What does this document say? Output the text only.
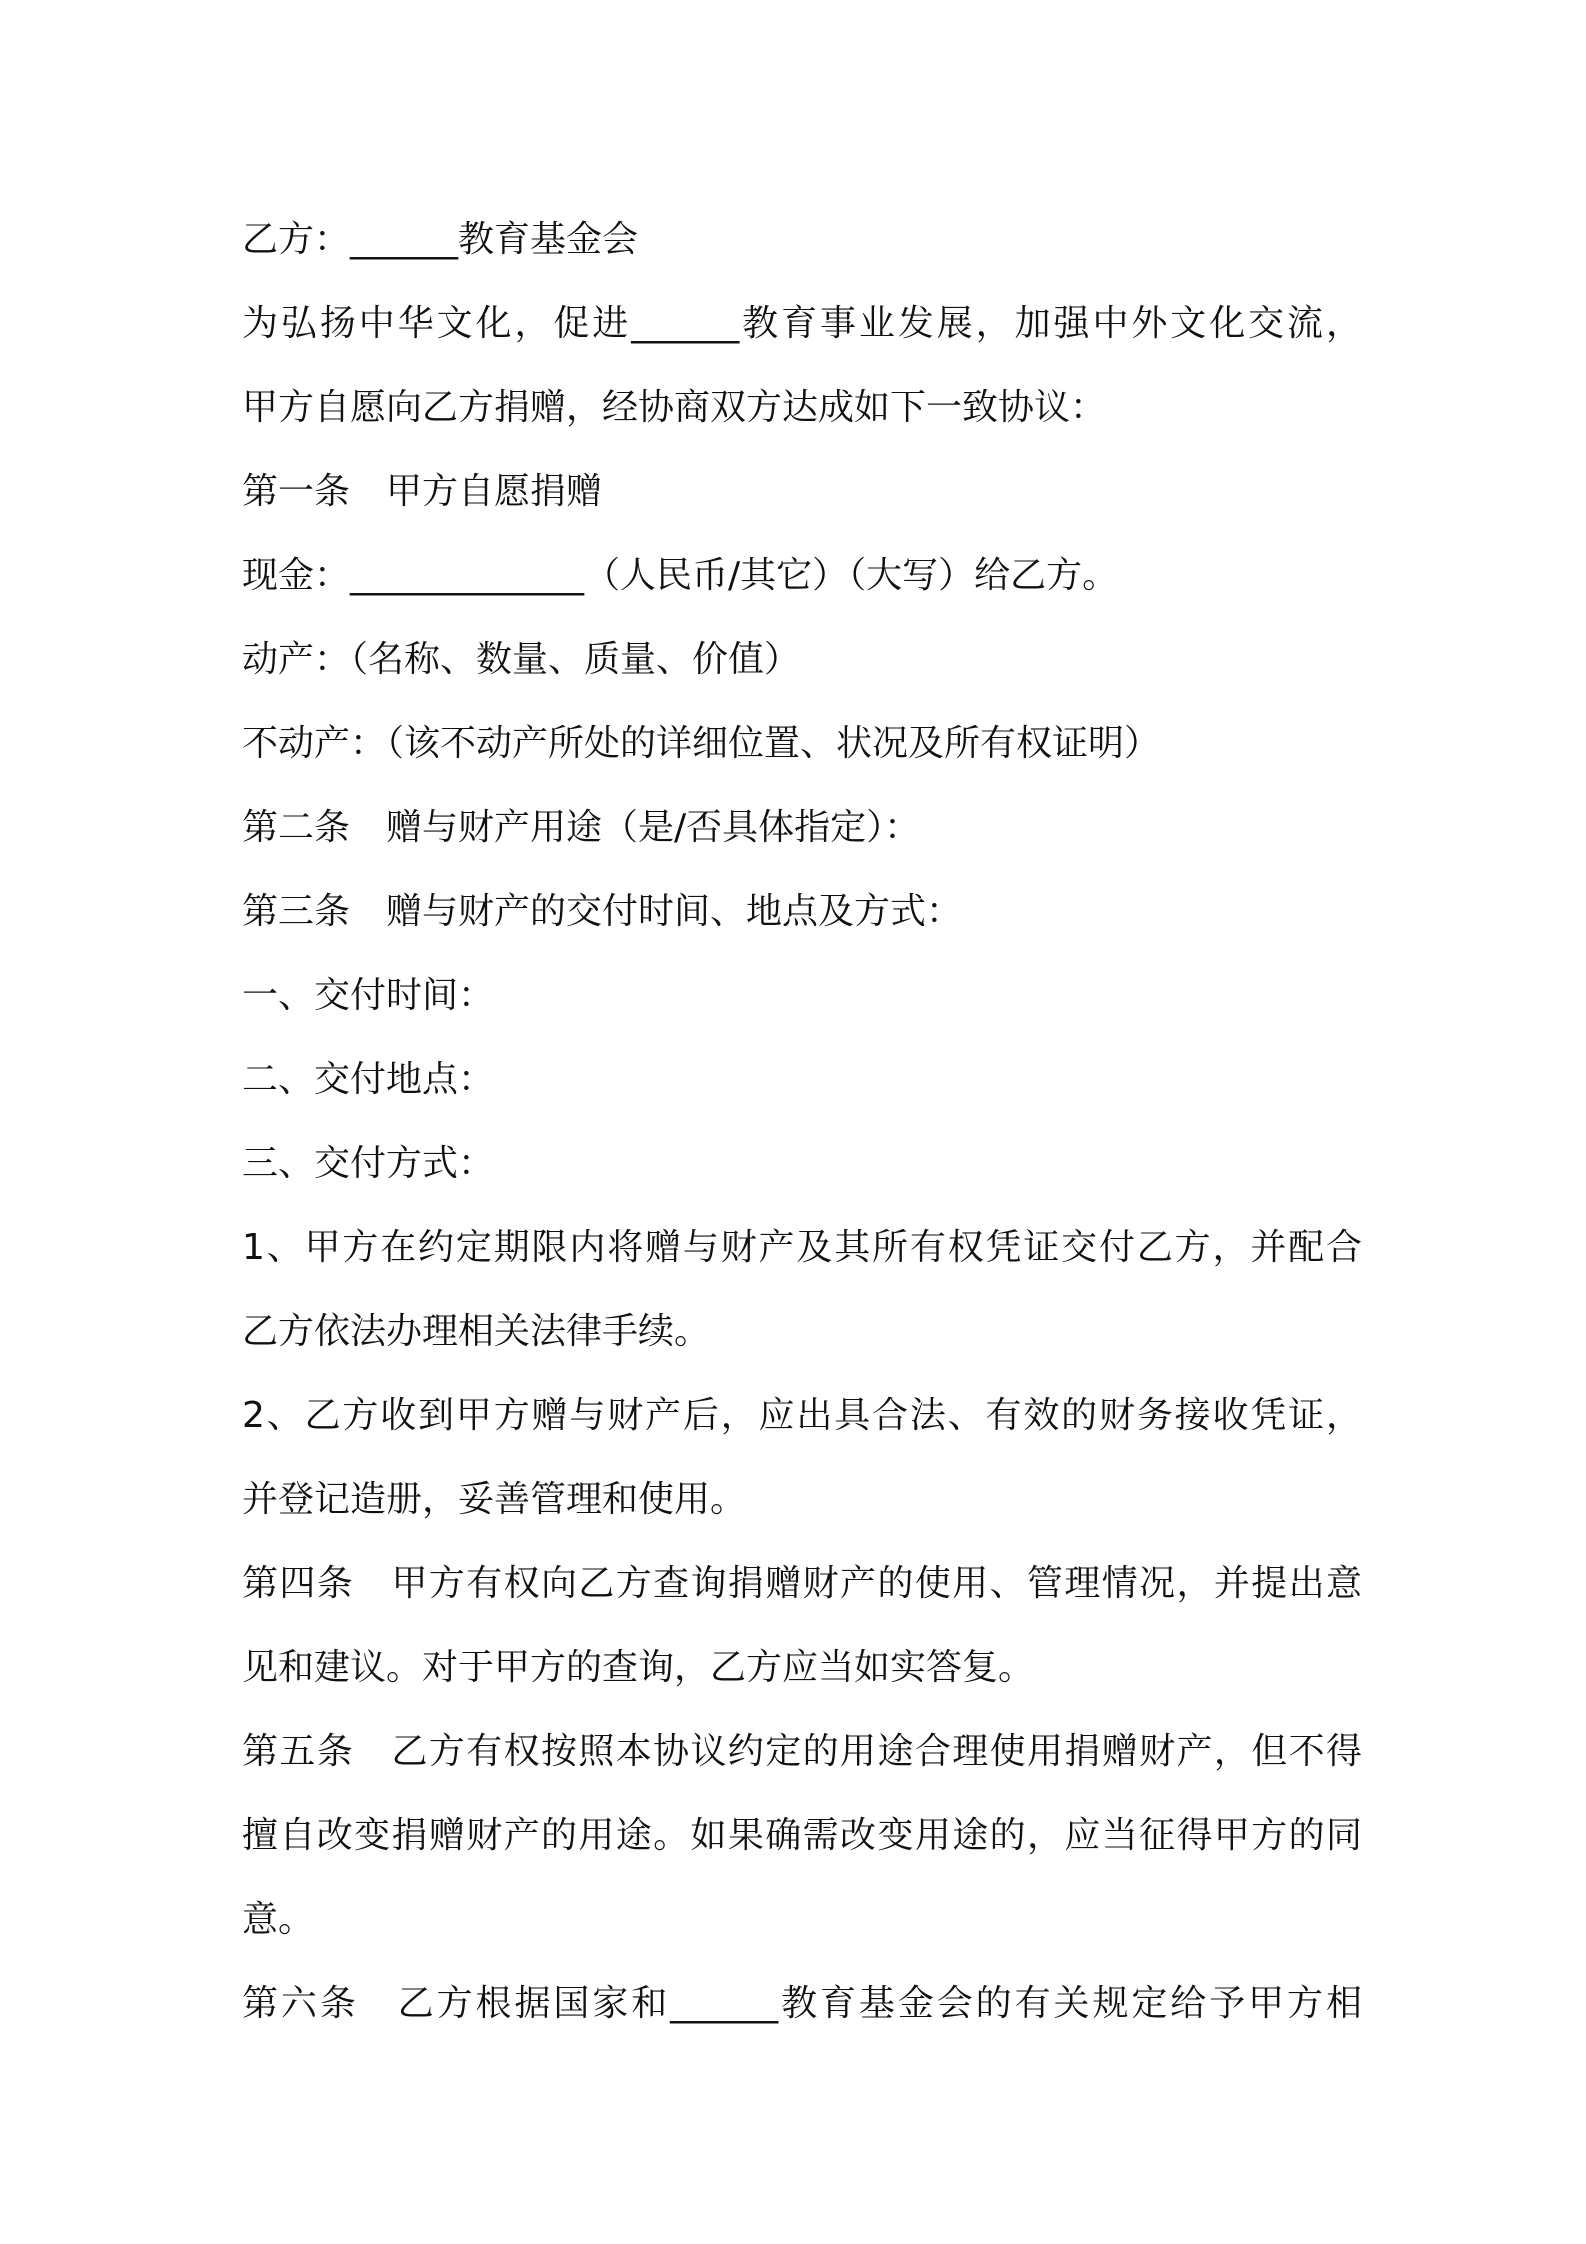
乙方：______教育基金会
为弘扬中华文化，促进______教育事业发展，加强中外文化交流，
甲方自愿向乙方捐赠，经协商双方达成如下一致协议：
第一条　甲方自愿捐赠
现金：_____________（人民币/其它）（大写）给乙方。
动产：（名称、数量、质量、价值）
不动产：（该不动产所处的详细位置、状况及所有权证明）
第二条　赠与财产用途（是/否具体指定）：
第三条　赠与财产的交付时间、地点及方式：
一、交付时间：
二、交付地点：
三、交付方式：
1、甲方在约定期限内将赠与财产及其所有权凭证交付乙方，并配合
乙方依法办理相关法律手续。
2、乙方收到甲方赠与财产后，应出具合法、有效的财务接收凭证，
并登记造册，妥善管理和使用。
第四条　甲方有权向乙方查询捐赠财产的使用、管理情况，并提出意
见和建议。对于甲方的查询，乙方应当如实答复。
第五条　乙方有权按照本协议约定的用途合理使用捐赠财产，但不得
擅自改变捐赠财产的用途。如果确需改变用途的，应当征得甲方的同
意。
第六条　乙方根据国家和______教育基金会的有关规定给予甲方相
